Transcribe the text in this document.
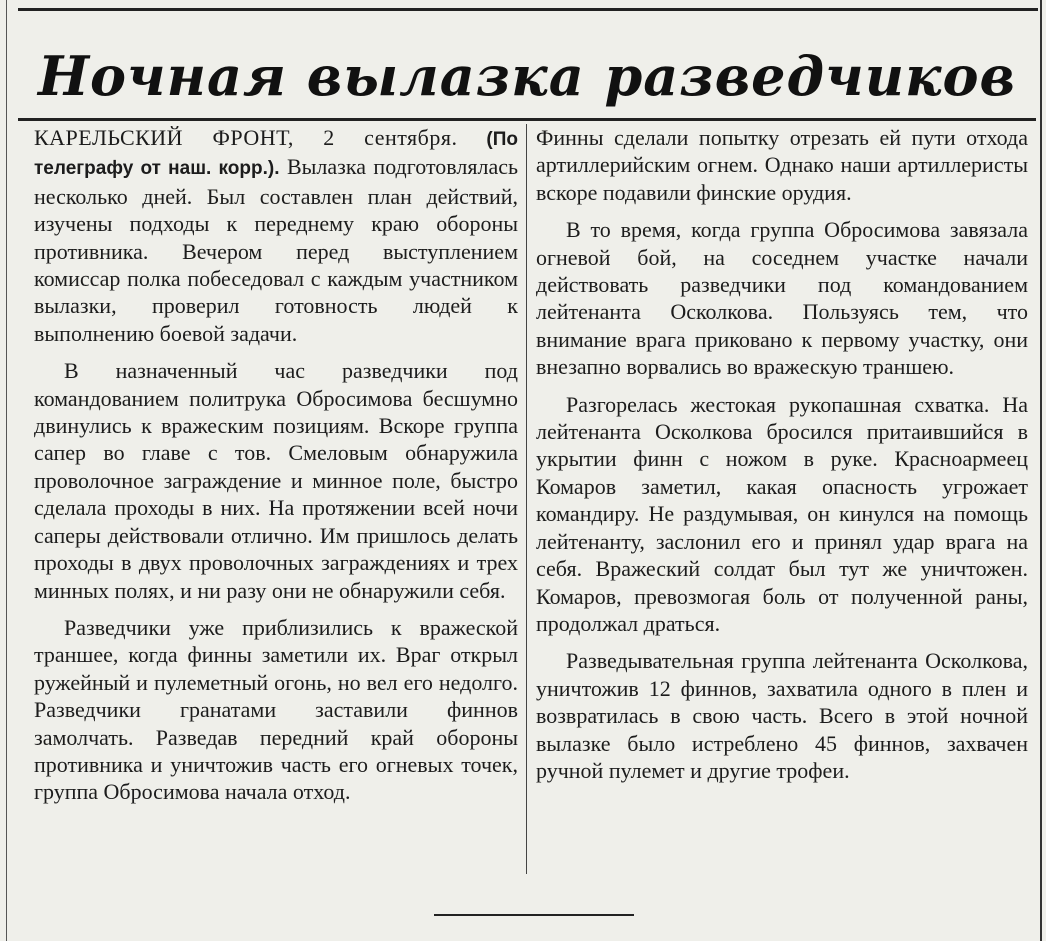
Ночная вылазка разведчиков

КАРЕЛЬСКИЙ ФРОНТ, 2 сентября. (По телеграфу от наш. корр.). Вылазка подготовлялась несколько дней. Был составлен план действий, изучены подходы к переднему краю обороны противника. Вечером перед выступлением комиссар полка побеседовал с каждым участником вылазки, проверил готовность людей к выполнению боевой задачи.

В назначенный час разведчики под командованием политрука Обросимова бесшумно двинулись к вражеским позициям. Вскоре группа сапер во главе с тов. Смеловым обнаружила проволочное заграждение и минное поле, быстро сделала проходы в них. На протяжении всей ночи саперы действовали отлично. Им пришлось делать проходы в двух проволочных заграждениях и трех минных полях, и ни разу они не обнаружили себя.

Разведчики уже приблизились к вражеской траншее, когда финны заметили их. Враг открыл ружейный и пулеметный огонь, но вел его недолго. Разведчики гранатами заставили финнов замолчать. Разведав передний край обороны противника и уничтожив часть его огневых точек, группа Обросимова начала отход.

Финны сделали попытку отрезать ей пути отхода артиллерийским огнем. Однако наши артиллеристы вскоре подавили финские орудия.

В то время, когда группа Обросимова завязала огневой бой, на соседнем участке начали действовать разведчики под командованием лейтенанта Осколкова. Пользуясь тем, что внимание врага приковано к первому участку, они внезапно ворвались во вражескую траншею.

Разгорелась жестокая рукопашная схватка. На лейтенанта Осколкова бросился притаившийся в укрытии финн с ножом в руке. Красноармеец Комаров заметил, какая опасность угрожает командиру. Не раздумывая, он кинулся на помощь лейтенанту, заслонил его и принял удар врага на себя. Вражеский солдат был тут же уничтожен. Комаров, превозмогая боль от полученной раны, продолжал драться.

Разведывательная группа лейтенанта Осколкова, уничтожив 12 финнов, захватила одного в плен и возвратилась в свою часть. Всего в этой ночной вылазке было истреблено 45 финнов, захвачен ручной пулемет и другие трофеи.
